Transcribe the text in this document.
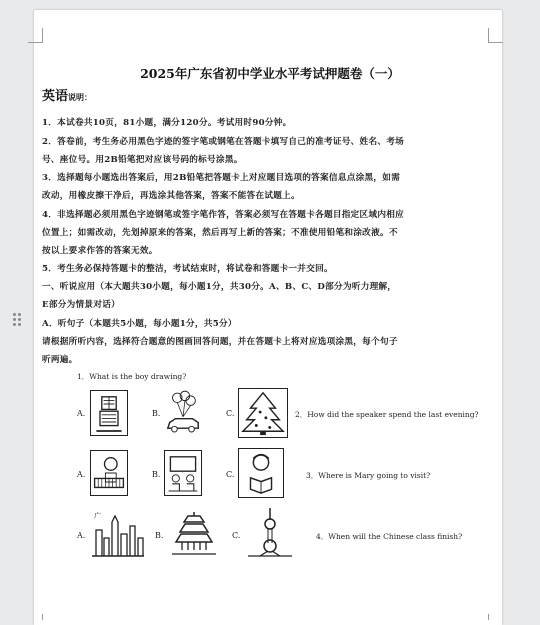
2025年广东省初中学业水平考试押题卷（一）
英语说明：
1．本试卷共10页，81小题，满分120分。考试用时90分钟。
2．答卷前，考生务必用黑色字迹的签字笔或钢笔在答题卡填写自己的准考证号、姓名、考场
号、座位号。用2B铅笔把对应该号码的标号涂黑。
3．选择题每小题选出答案后，用2B铅笔把答题卡上对应题目选项的答案信息点涂黑，如需
改动，用橡皮擦干净后，再选涂其他答案，答案不能答在试题上。
4．非选择题必须用黑色字迹钢笔或签字笔作答，答案必须写在答题卡各题目指定区域内相应
位置上；如需改动，先划掉原来的答案，然后再写上新的答案；不准使用铅笔和涂改液。不
按以上要求作答的答案无效。
5．考生务必保持答题卡的整洁，考试结束时，将试卷和答题卡一并交回。
一、听说应用（本大题共30小题，每小题1分，共30分。A、B、C、D部分为听力理解，
E部分为情景对话）
A．听句子（本题共5小题，每小题1分，共5分）
请根据所听内容，选择符合题意的图画回答问题，并在答题卡上将对应选项涂黑，每个句子
听两遍。
1．What is the boy drawing?
A.	B.	C.	2．How did the speaker spend the last evening?
A.	B.	C.	3．Where is Mary going to visit?
A.
广
B.	C.	4．When will the Chinese class finish?
